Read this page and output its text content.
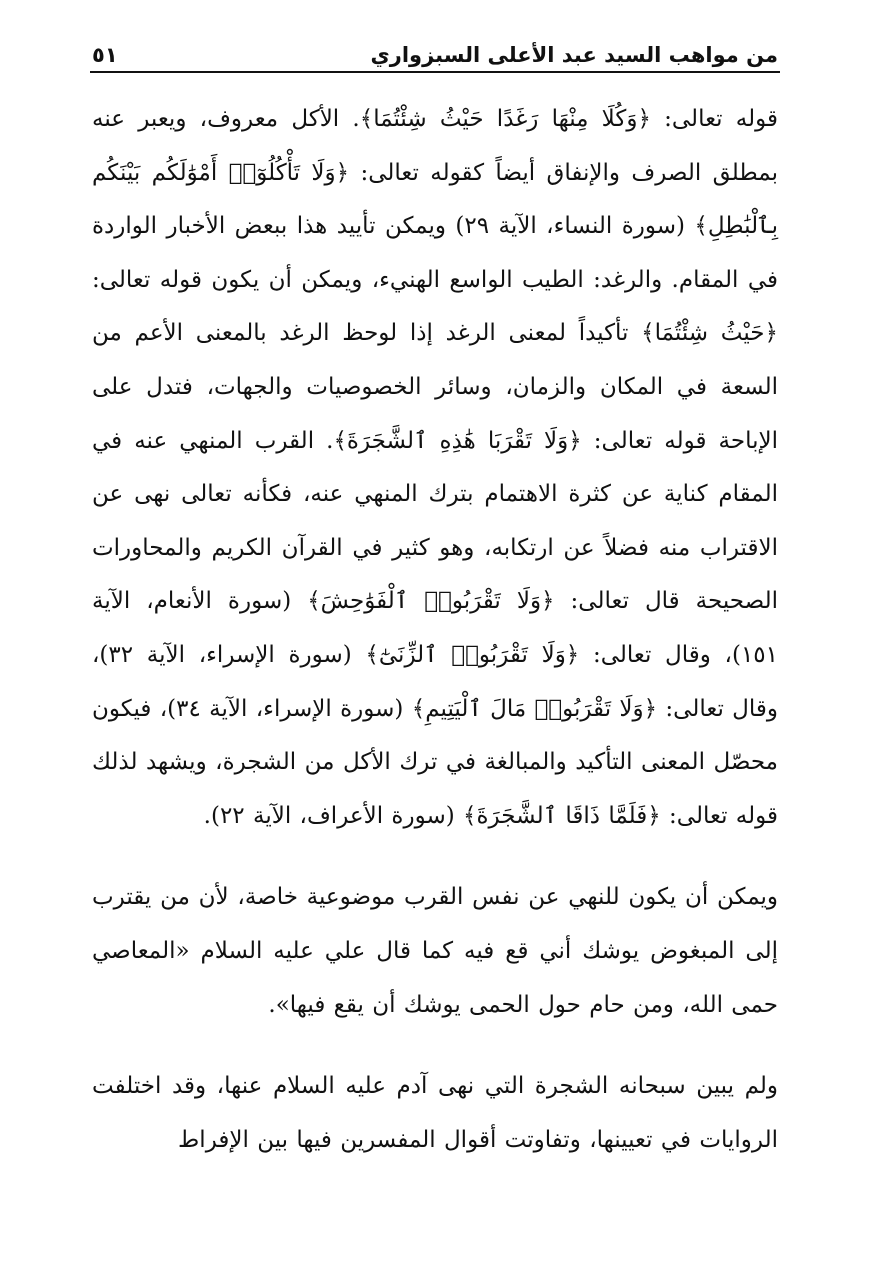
من مواهب السيد عبد الأعلى السبزواري
٥١

قوله تعالى: ﴿وَكُلَا مِنْهَا رَغَدًا حَيْثُ شِئْتُمَا﴾. الأكل معروف، ويعبر عنه بمطلق الصرف والإنفاق أيضاً كقوله تعالى: ﴿وَلَا تَأْكُلُوٓا۟ أَمْوَٰلَكُم بَيْنَكُم بِٱلْبَٰطِلِ﴾ (سورة النساء، الآية ٢٩) ويمكن تأييد هذا ببعض الأخبار الواردة في المقام. والرغد: الطيب الواسع الهنيء، ويمكن أن يكون قوله تعالى: ﴿حَيْثُ شِئْتُمَا﴾ تأكيداً لمعنى الرغد إذا لوحظ الرغد بالمعنى الأعم من السعة في المكان والزمان، وسائر الخصوصيات والجهات، فتدل على الإباحة قوله تعالى: ﴿وَلَا تَقْرَبَا هَٰذِهِ ٱلشَّجَرَةَ﴾. القرب المنهي عنه في المقام كناية عن كثرة الاهتمام بترك المنهي عنه، فكأنه تعالى نهى عن الاقتراب منه فضلاً عن ارتكابه، وهو كثير في القرآن الكريم والمحاورات الصحيحة قال تعالى: ﴿وَلَا تَقْرَبُوا۟ ٱلْفَوَٰحِشَ﴾ (سورة الأنعام، الآية ١٥١)، وقال تعالى: ﴿وَلَا تَقْرَبُوا۟ ٱلزِّنَىٰٓ﴾ (سورة الإسراء، الآية ٣٢)، وقال تعالى: ﴿وَلَا تَقْرَبُوا۟ مَالَ ٱلْيَتِيمِ﴾ (سورة الإسراء، الآية ٣٤)، فيكون محصّل المعنى التأكيد والمبالغة في ترك الأكل من الشجرة، ويشهد لذلك قوله تعالى: ﴿فَلَمَّا ذَاقَا ٱلشَّجَرَةَ﴾ (سورة الأعراف، الآية ٢٢).

ويمكن أن يكون للنهي عن نفس القرب موضوعية خاصة، لأن من يقترب إلى المبغوض يوشك أني قع فيه كما قال علي عليه السلام «المعاصي حمى الله، ومن حام حول الحمى يوشك أن يقع فيها».

ولم يبين سبحانه الشجرة التي نهى آدم عليه السلام عنها، وقد اختلفت الروايات في تعيينها، وتفاوتت أقوال المفسرين فيها بين الإفراط
